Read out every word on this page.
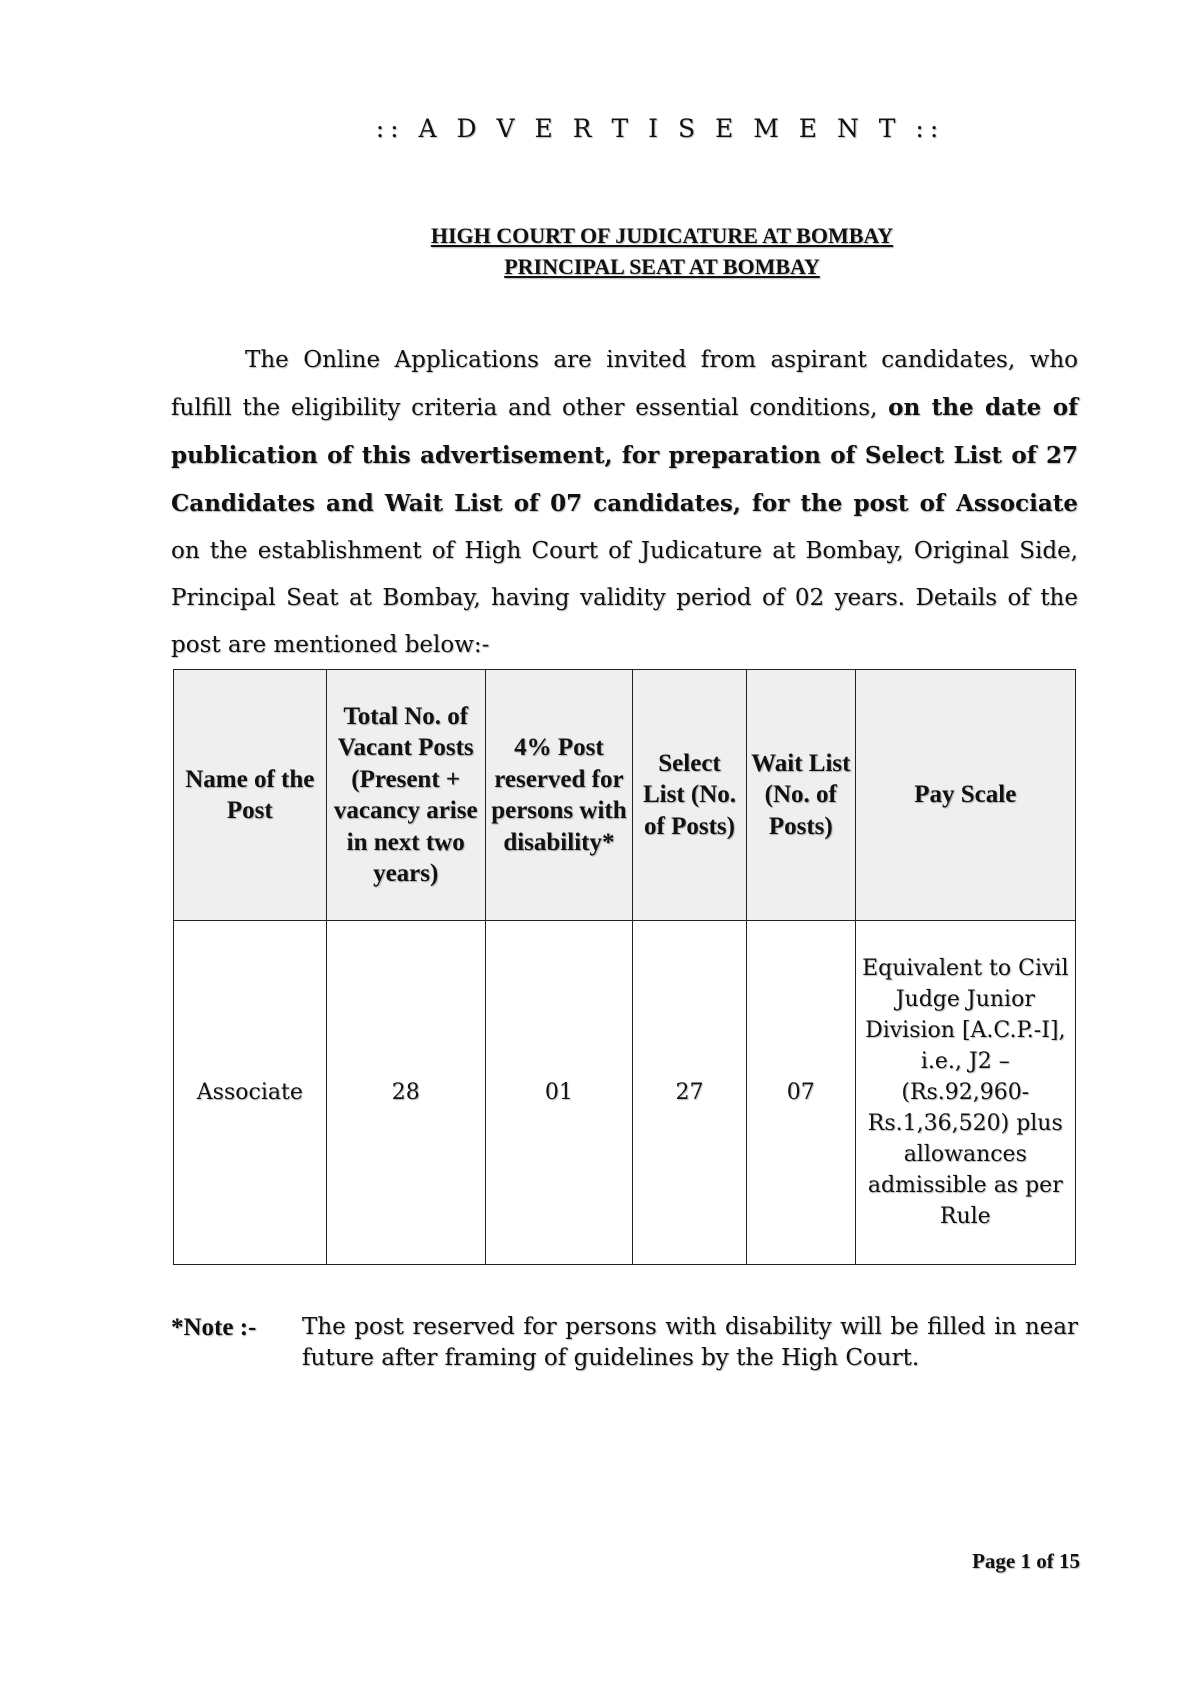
:: A D V E R T I S E M E N T ::
HIGH COURT OF JUDICATURE AT BOMBAY
PRINCIPAL SEAT AT BOMBAY

The Online Applications are invited from aspirant candidates, who fulfill the eligibility criteria and other essential conditions, on the date of publication of this advertisement, for preparation of Select List of 27 Candidates and Wait List of 07 candidates, for the post of Associate on the establishment of High Court of Judicature at Bombay, Original Side, Principal Seat at Bombay, having validity period of 02 years. Details of the post are mentioned below:-

Name of the Post	Total No. of Vacant Posts (Present + vacancy arise in next two years)	4% Post reserved for persons with disability*	Select List (No. of Posts)	Wait List (No. of Posts)	Pay Scale
Associate	28	01	27	07	Equivalent to Civil Judge Junior Division [A.C.P.-I], i.e., J2 – (Rs.92,960-Rs.1,36,520) plus allowances admissible as per Rule
*Note :- The post reserved for persons with disability will be filled in near future after framing of guidelines by the High Court.
Page 1 of 15
